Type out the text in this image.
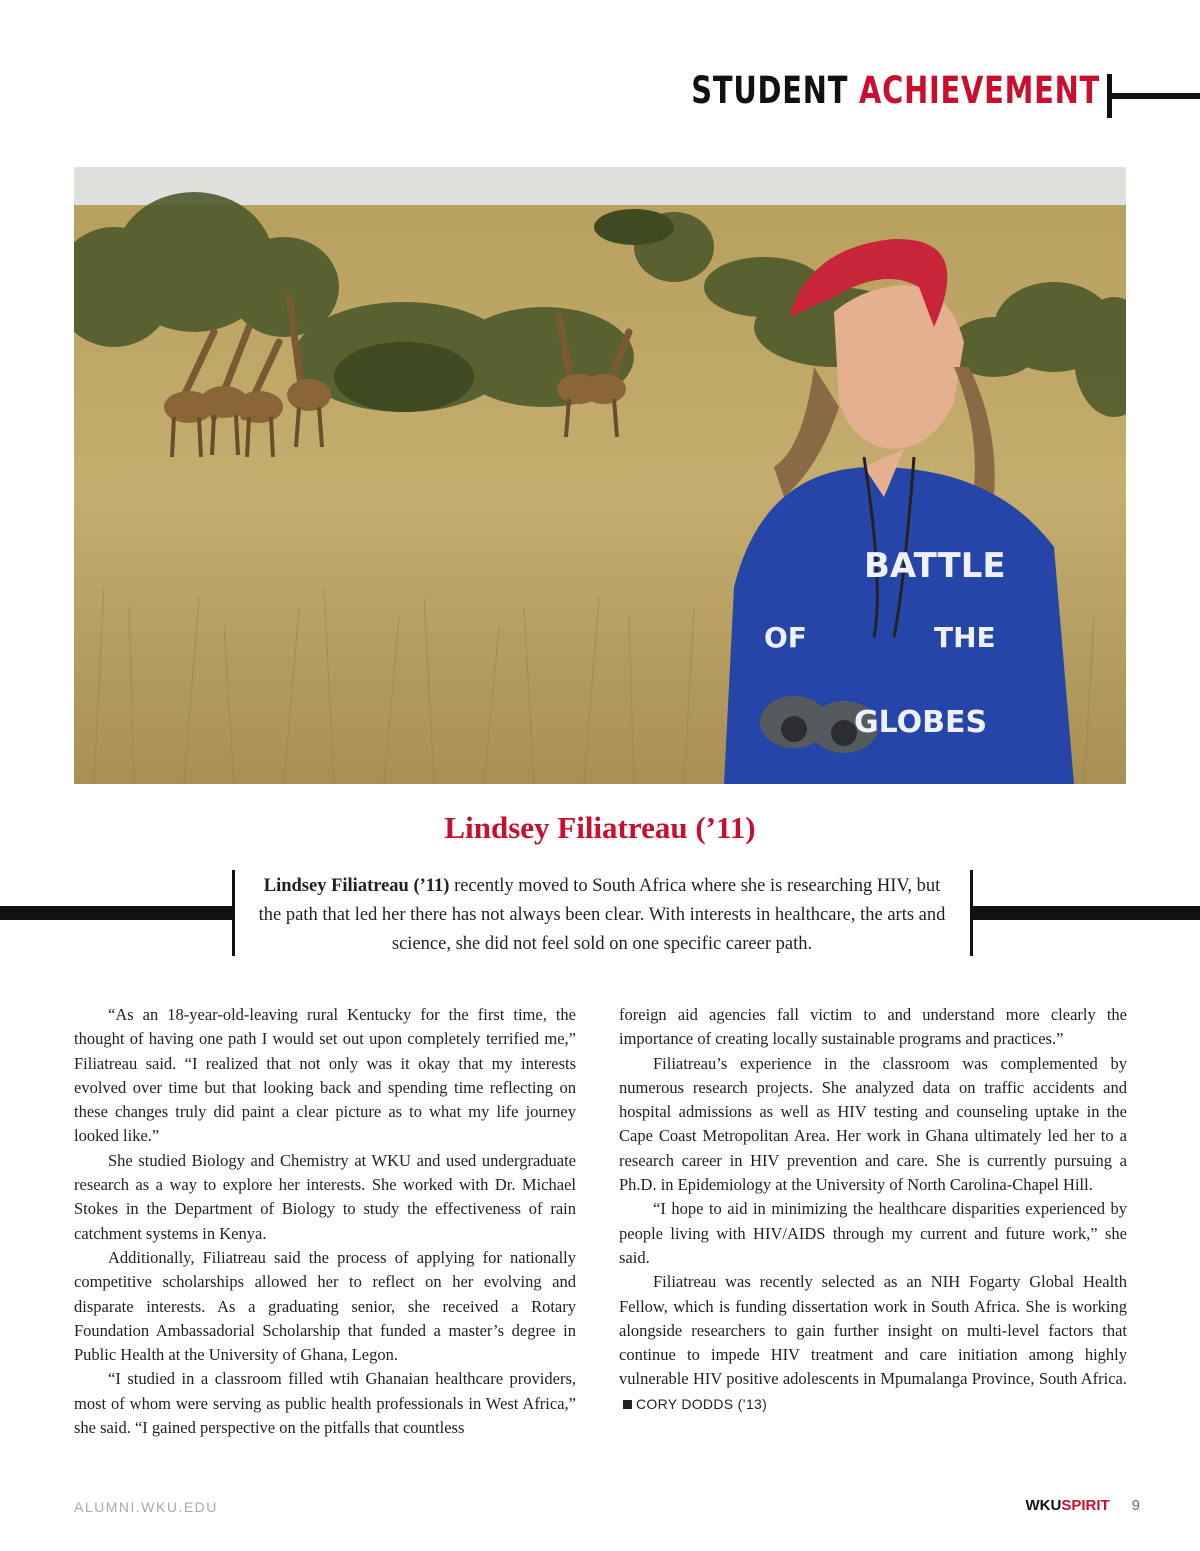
STUDENT ACHIEVEMENT
BATTLE
OF	THE
GLOBES
Lindsey Filiatreau (’11)

Lindsey Filiatreau (’11) recently moved to South Africa where she is researching HIV, but the path that led her there has not always been clear. With interests in healthcare, the arts and science, she did not feel sold on one specific career path.

“As an 18-year-old-leaving rural Kentucky for the first time, the thought of having one path I would set out upon completely terrified me,” Filiatreau said. “I realized that not only was it okay that my interests evolved over time but that looking back and spending time reflecting on these changes truly did paint a clear picture as to what my life journey looked like.”

She studied Biology and Chemistry at WKU and used undergraduate research as a way to explore her interests. She worked with Dr. Michael Stokes in the Department of Biology to study the effectiveness of rain catchment systems in Kenya.

Additionally, Filiatreau said the process of applying for nationally competitive scholarships allowed her to reflect on her evolving and disparate interests. As a graduating senior, she received a Rotary Foundation Ambassadorial Scholarship that funded a master’s degree in Public Health at the University of Ghana, Legon.

“I studied in a classroom filled wtih Ghanaian healthcare providers, most of whom were serving as public health professionals in West Africa,” she said. “I gained perspective on the pitfalls that countless

foreign aid agencies fall victim to and understand more clearly the importance of creating locally sustainable programs and practices.”

Filiatreau’s experience in the classroom was complemented by numerous research projects. She analyzed data on traffic accidents and hospital admissions as well as HIV testing and counseling uptake in the Cape Coast Metropolitan Area. Her work in Ghana ultimately led her to a research career in HIV prevention and care. She is currently pursuing a Ph.D. in Epidemiology at the University of North Carolina-Chapel Hill.

“I hope to aid in minimizing the healthcare disparities experienced by people living with HIV/AIDS through my current and future work,” she said.

Filiatreau was recently selected as an NIH Fogarty Global Health Fellow, which is funding dissertation work in South Africa. She is working alongside researchers to gain further insight on multi-level factors that continue to impede HIV treatment and care initiation among highly vulnerable HIV positive adolescents in Mpumalanga Province, South Africa.CORY DODDS (’13)

ALUMNI.WKU.EDU	WKUSPIRIT 9
